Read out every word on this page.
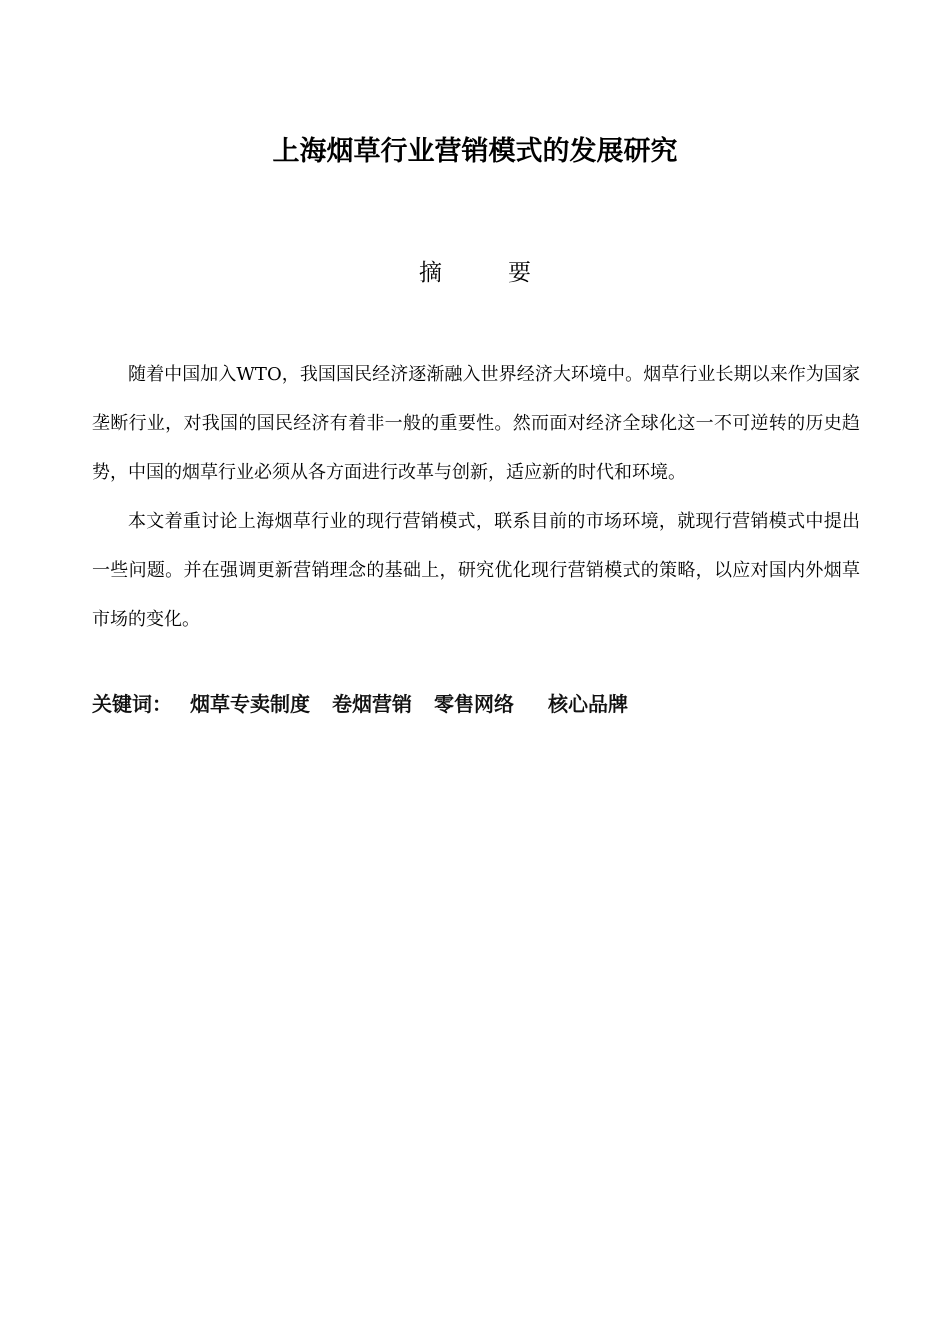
上海烟草行业营销模式的发展研究
摘要

随着中国加入WTO，我国国民经济逐渐融入世界经济大环境中。烟草行业长期以来作为国家垄断行业，对我国的国民经济有着非一般的重要性。然而面对经济全球化这一不可逆转的历史趋势，中国的烟草行业必须从各方面进行改革与创新，适应新的时代和环境。

本文着重讨论上海烟草行业的现行营销模式，联系目前的市场环境，就现行营销模式中提出一些问题。并在强调更新营销理念的基础上，研究优化现行营销模式的策略，以应对国内外烟草市场的变化。

关键词： 烟草专卖制度 卷烟营销 零售网络 核心品牌
